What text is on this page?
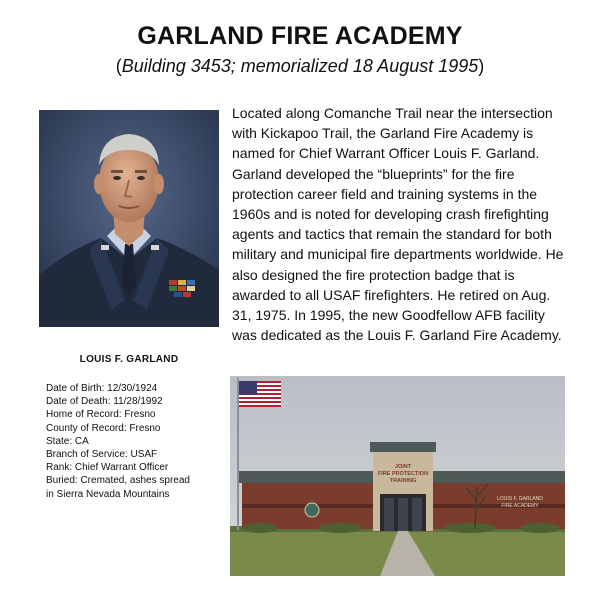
GARLAND FIRE ACADEMY
(Building 3453; memorialized 18 August 1995)
LOUIS F. GARLAND
Date of Birth: 12/30/1924
Date of Death: 11/28/1992
Home of Record: Fresno
County of Record: Fresno
State: CA
Branch of Service: USAF
Rank: Chief Warrant Officer
Buried: Cremated, ashes spread
in Sierra Nevada Mountains

Located along Comanche Trail near the intersection with Kickapoo Trail, the Garland Fire Academy is named for Chief Warrant Officer Louis F. Garland. Garland developed the “blueprints” for the fire protection career field and training systems in the 1960s and is noted for developing crash firefighting agents and tactics that remain the standard for both military and municipal fire departments worldwide. He also designed the fire protection badge that is awarded to all USAF firefighters. He retired on Aug. 31, 1975. In 1995, the new Goodfellow AFB facility was dedicated as the Louis F. Garland Fire Academy.

JOINT
FIRE PROTECTION
TRAINING
LOUIS F. GARLAND
FIRE ACADEMY
